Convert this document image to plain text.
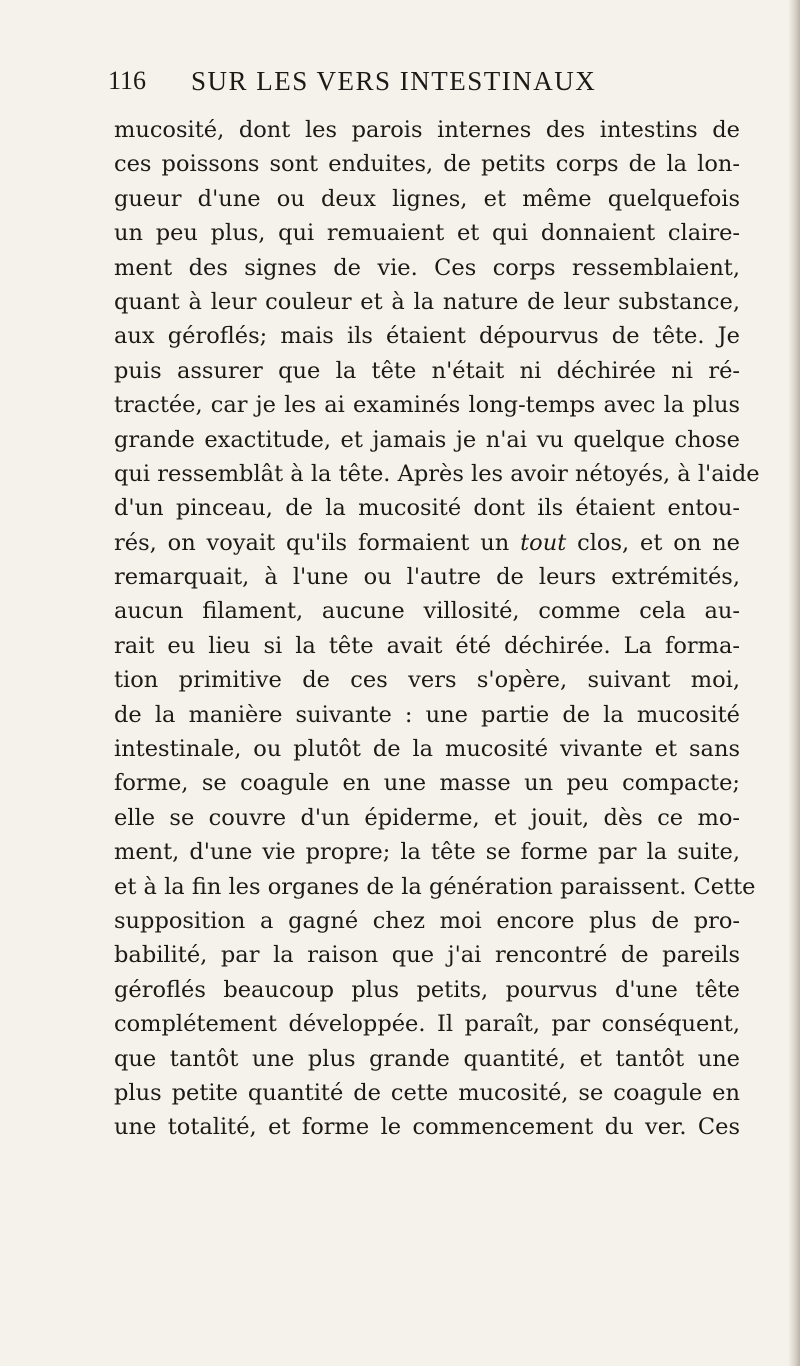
116 SUR LES VERS INTESTINAUX
mucosité, dont les parois internes des intestins de
ces poissons sont enduites, de petits corps de la lon-
gueur d'une ou deux lignes, et même quelquefois
un peu plus, qui remuaient et qui donnaient claire-
ment des signes de vie. Ces corps ressemblaient,
quant à leur couleur et à la nature de leur substance,
aux géroflés; mais ils étaient dépourvus de tête. Je
puis assurer que la tête n'était ni déchirée ni ré-
tractée, car je les ai examinés long-temps avec la plus
grande exactitude, et jamais je n'ai vu quelque chose
qui ressemblât à la tête. Après les avoir nétoyés, à l'aide
d'un pinceau, de la mucosité dont ils étaient entou-
rés, on voyait qu'ils formaient un tout clos, et on ne
remarquait, à l'une ou l'autre de leurs extrémités,
aucun filament, aucune villosité, comme cela au-
rait eu lieu si la tête avait été déchirée. La forma-
tion primitive de ces vers s'opère, suivant moi,
de la manière suivante : une partie de la mucosité
intestinale, ou plutôt de la mucosité vivante et sans
forme, se coagule en une masse un peu compacte;
elle se couvre d'un épiderme, et jouit, dès ce mo-
ment, d'une vie propre; la tête se forme par la suite,
et à la fin les organes de la génération paraissent. Cette
supposition a gagné chez moi encore plus de pro-
babilité, par la raison que j'ai rencontré de pareils
géroflés beaucoup plus petits, pourvus d'une tête
complétement développée. Il paraît, par conséquent,
que tantôt une plus grande quantité, et tantôt une
plus petite quantité de cette mucosité, se coagule en
une totalité, et forme le commencement du ver. Ces
